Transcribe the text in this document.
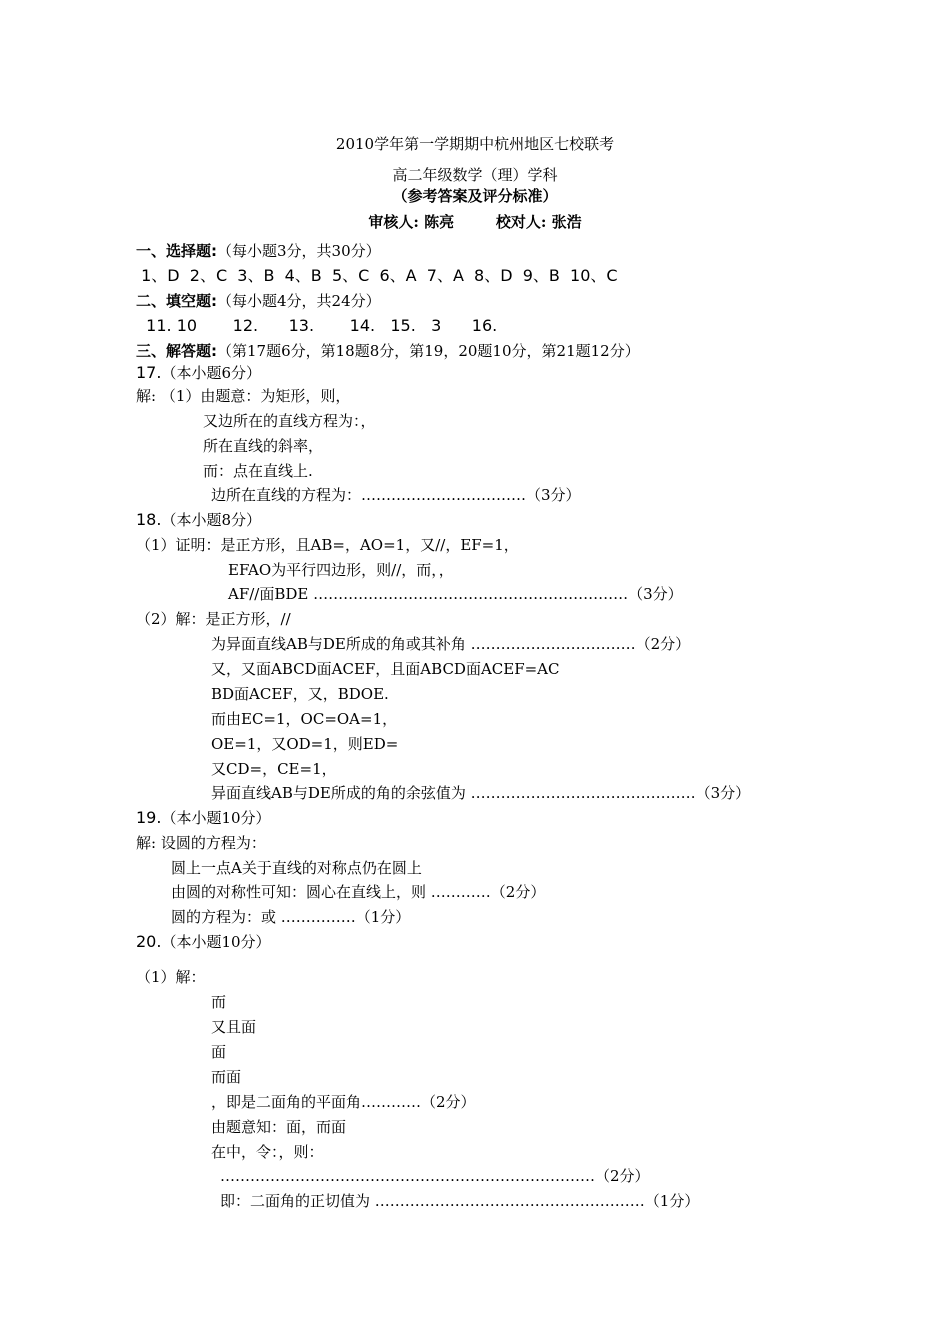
2010学年第一学期期中杭州地区七校联考
高二年级数学（理）学科
（参考答案及评分标准）
审核人: 陈亮        校对人: 张浩
一、选择题:（每小题3分，共30分）
1、D  2、C  3、B  4、B  5、C  6、A  7、A  8、D  9、B  10、C
二、填空题:（每小题4分，共24分）
11. 10       12.      13.       14.   15.   3      16.
三、解答题:（第17题6分，第18题8分，第19，20题10分，第21题12分）
17.（本小题6分）
解: （1）由题意：为矩形，则，
又边所在的直线方程为：，
所在直线的斜率，
而：点在直线上.
边所在直线的方程为：……………………………（3分）
18.（本小题8分）
（1）证明：是正方形，且AB=，AO=1，又//，EF=1，
EFAO为平行四边形，则//，而，，
AF//面BDE ………………………………………………………（3分）
（2）解：是正方形，//
为异面直线AB与DE所成的角或其补角 ……………………………（2分）
又，又面ABCD面ACEF，且面ABCD面ACEF=AC
BD面ACEF，又，BDOE.
而由EC=1，OC=OA=1，
OE=1，又OD=1，则ED=
又CD=，CE=1，
异面直线AB与DE所成的角的余弦值为 ………………………………………（3分）
19.（本小题10分）
解: 设圆的方程为：
圆上一点A关于直线的对称点仍在圆上
由圆的对称性可知：圆心在直线上，则 …………（2分）
圆的方程为：或 ……………（1分）
20.（本小题10分）
（1）解：
而
又且面
面
而面
，即是二面角的平面角…………（2分）
由题意知：面，而面
在中，令：，则：
…………………………………………………………………（2分）
即：二面角的正切值为 ………………………………………………（1分）
